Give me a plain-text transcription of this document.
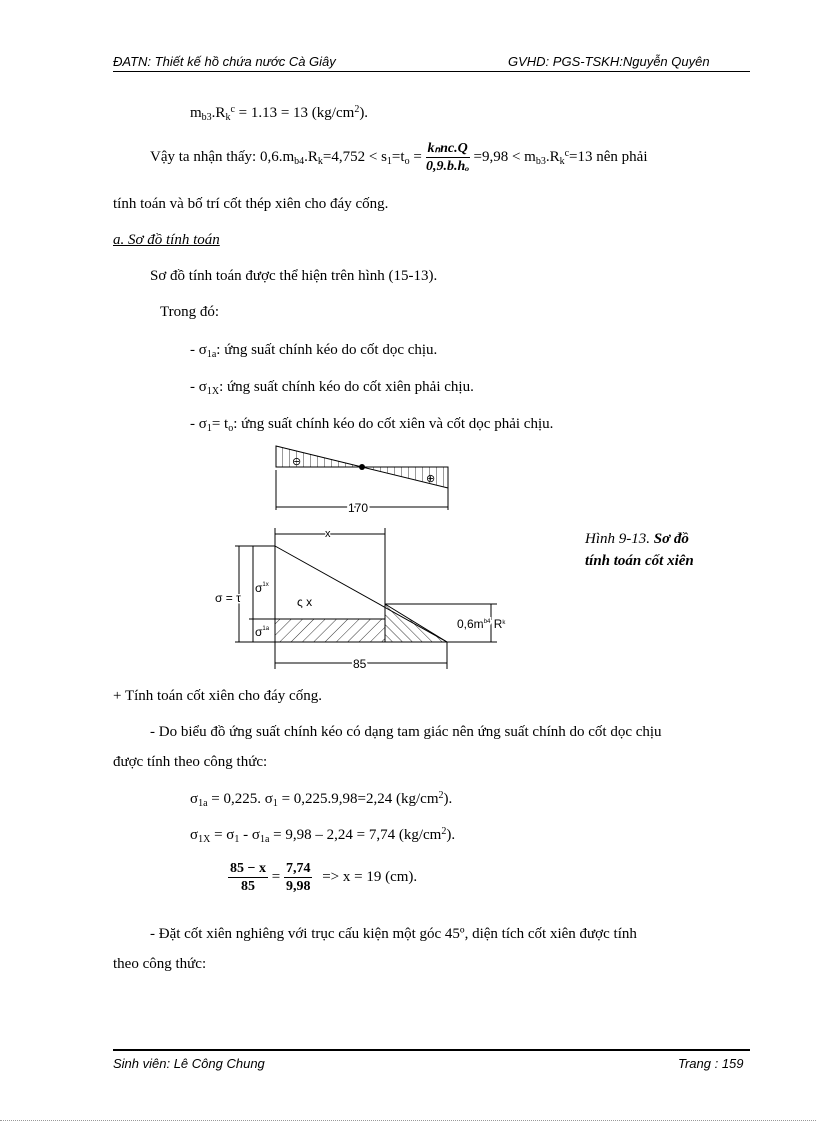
ĐATN: Thiết kế hồ chứa nước Cà Giây	GVHD: PGS-TSKH:Nguyễn Quyên
$m_{b3}.R_k^c = 1.13 = 13$ $(kg/cm^2)$.
Vậy ta nhận thấy: $0,6.m_{b4}.R_k=4,752 < s_1=t_o = \frac{\text{kₙnc.Q}}{\text{0,9.b.hₒ}} =9,98 < m_{b3}.R_k^c=13$ nên phải
tính toán và bố trí cốt thép xiên cho đáy cống.
a. Sơ đồ tính toán
Sơ đồ tính toán được thể hiện trên hình (15-13).
Trong đó:
- $\sigma_{1a}$: ứng suất chính kéo do cốt dọc chịu.
- $\sigma_{1X}$: ứng suất chính kéo do cốt xiên phải chịu.
- $\sigma_1= t_o$: ứng suất chính kéo do cốt xiên và cốt dọc phải chịu.
⊖
⊕
170
x
σ = τ
$\sigma^{1x}$
$\sigma^{1a}$
ς x
$0,6m^{b4}$ $R^k$
85
Hình 9-13. Sơ đồ
tính toán cốt xiên
+ Tính toán cốt xiên cho đáy cống.
- Do biểu đồ ứng suất chính kéo có dạng tam giác nên ứng suất chính do cốt dọc chịu
được tính theo công thức:
$\sigma_{1a} = 0,225$. $\sigma_1 = 0,225.9,98=2,24$ $(kg/cm^2)$.
$\sigma_{1X} = \sigma_1 - \sigma_{1a} = 9,98 - 2,24 = 7,74$ $(kg/cm^2)$.
$\frac{85 - x}{85} = \frac{7,74}{9,98} => x = 19$ (cm).
- Đặt cốt xiên nghiêng với trục cấu kiện một góc 45º, diện tích cốt xiên được tính
theo công thức:
Sinh viên: Lê Công Chung	Trang : 159
